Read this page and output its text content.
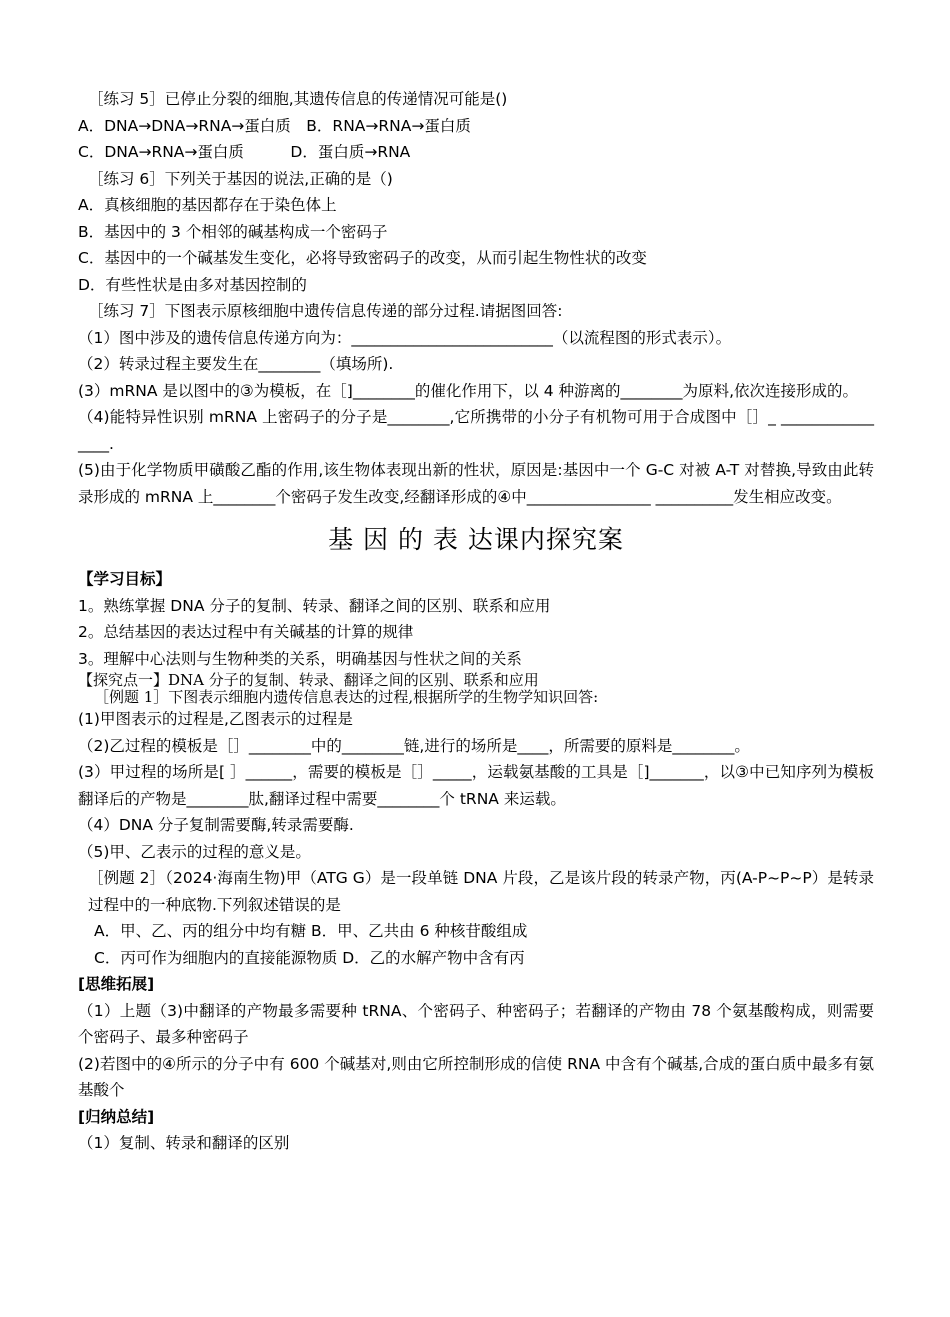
［练习 5］已停止分裂的细胞,其遗传信息的传递情况可能是()
A．DNA→DNA→RNA→蛋白质　B．RNA→RNA→蛋白质
C．DNA→RNA→蛋白质　　　D．蛋白质→RNA
［练习 6］下列关于基因的说法,正确的是（)
A．真核细胞的基因都存在于染色体上
B．基因中的 3 个相邻的碱基构成一个密码子
C．基因中的一个碱基发生变化，必将导致密码子的改变，从而引起生物性状的改变
D．有些性状是由多对基因控制的
［练习 7］下图表示原核细胞中遗传信息传递的部分过程.请据图回答:
（1）图中涉及的遗传信息传递方向为：__________________________（以流程图的形式表示）。
（2）转录过程主要发生在________（填场所).
(3）mRNA 是以图中的③为模板，在［]________的催化作用下，以 4 种游离的________为原料,依次连接形成的。
（4)能特异性识别 mRNA 上密码子的分子是________,它所携带的小分子有机物可用于合成图中［］_ ________________.
(5)由于化学物质甲磺酸乙酯的作用,该生物体表现出新的性状，原因是:基因中一个 G-C 对被 A-T 对替换,导致由此转录形成的 mRNA 上________个密码子发生改变,经翻译形成的④中________________ __________发生相应改变。
基 因 的 表 达课内探究案
【学习目标】
1。熟练掌握 DNA 分子的复制、转录、翻译之间的区别、联系和应用
2。总结基因的表达过程中有关碱基的计算的规律
3。理解中心法则与生物种类的关系，明确基因与性状之间的关系
【探究点一】DNA 分子的复制、转录、翻译之间的区别、联系和应用
［例题 1］下图表示细胞内遗传信息表达的过程,根据所学的生物学知识回答:
(1)甲图表示的过程是,乙图表示的过程是
（2)乙过程的模板是［］________中的________链,进行的场所是____，所需要的原料是________。
(3）甲过程的场所是[ ］______，需要的模板是［］_____，运载氨基酸的工具是［]_______，以③中已知序列为模板翻译后的产物是________肽,翻译过程中需要________个 tRNA 来运载。
（4）DNA 分子复制需要酶,转录需要酶.
（5)甲、乙表示的过程的意义是。
［例题 2］（2024·海南生物)甲（ATG G）是一段单链 DNA 片段，乙是该片段的转录产物，丙(A-P~P~P）是转录过程中的一种底物.下列叙述错误的是
A．甲、乙、丙的组分中均有糖 B．甲、乙共由 6 种核苷酸组成
C．丙可作为细胞内的直接能源物质 D．乙的水解产物中含有丙
[思维拓展]
（1）上题（3)中翻译的产物最多需要种 tRNA、个密码子、种密码子；若翻译的产物由 78 个氨基酸构成，则需要个密码子、最多种密码子
(2)若图中的④所示的分子中有 600 个碱基对,则由它所控制形成的信使 RNA 中含有个碱基,合成的蛋白质中最多有氨基酸个
[归纳总结]
（1）复制、转录和翻译的区别
